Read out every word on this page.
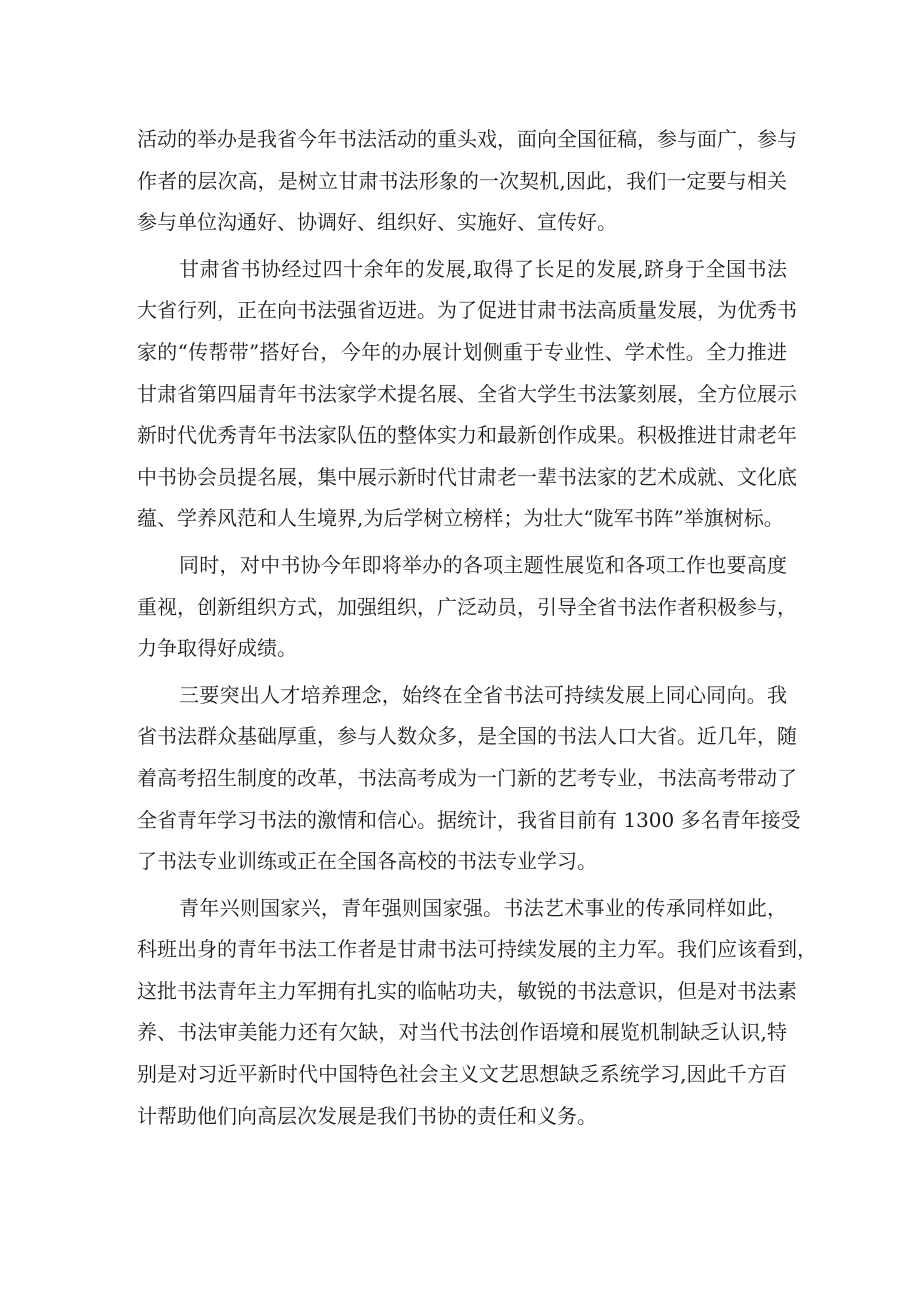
活动的举办是我省今年书法活动的重头戏，面向全国征稿，参与面广，参与
作者的层次高，是树立甘肃书法形象的一次契机,因此，我们一定要与相关
参与单位沟通好、协调好、组织好、实施好、宣传好。
甘肃省书协经过四十余年的发展,取得了长足的发展,跻身于全国书法
大省行列，正在向书法强省迈进。为了促进甘肃书法高质量发展，为优秀书
家的“传帮带”搭好台，今年的办展计划侧重于专业性、学术性。全力推进
甘肃省第四届青年书法家学术提名展、全省大学生书法篆刻展，全方位展示
新时代优秀青年书法家队伍的整体实力和最新创作成果。积极推进甘肃老年
中书协会员提名展，集中展示新时代甘肃老一辈书法家的艺术成就、文化底
蕴、学养风范和人生境界,为后学树立榜样；为壮大“陇军书阵”举旗树标。
同时，对中书协今年即将举办的各项主题性展览和各项工作也要高度
重视，创新组织方式，加强组织，广泛动员，引导全省书法作者积极参与，
力争取得好成绩。
三要突出人才培养理念，始终在全省书法可持续发展上同心同向。我
省书法群众基础厚重，参与人数众多，是全国的书法人口大省。近几年，随
着高考招生制度的改革，书法高考成为一门新的艺考专业，书法高考带动了
全省青年学习书法的激情和信心。据统计，我省目前有 1300 多名青年接受
了书法专业训练或正在全国各高校的书法专业学习。
青年兴则国家兴，青年强则国家强。书法艺术事业的传承同样如此，
科班出身的青年书法工作者是甘肃书法可持续发展的主力军。我们应该看到，
这批书法青年主力军拥有扎实的临帖功夫，敏锐的书法意识，但是对书法素
养、书法审美能力还有欠缺，对当代书法创作语境和展览机制缺乏认识,特
别是对习近平新时代中国特色社会主义文艺思想缺乏系统学习,因此千方百
计帮助他们向高层次发展是我们书协的责任和义务。
